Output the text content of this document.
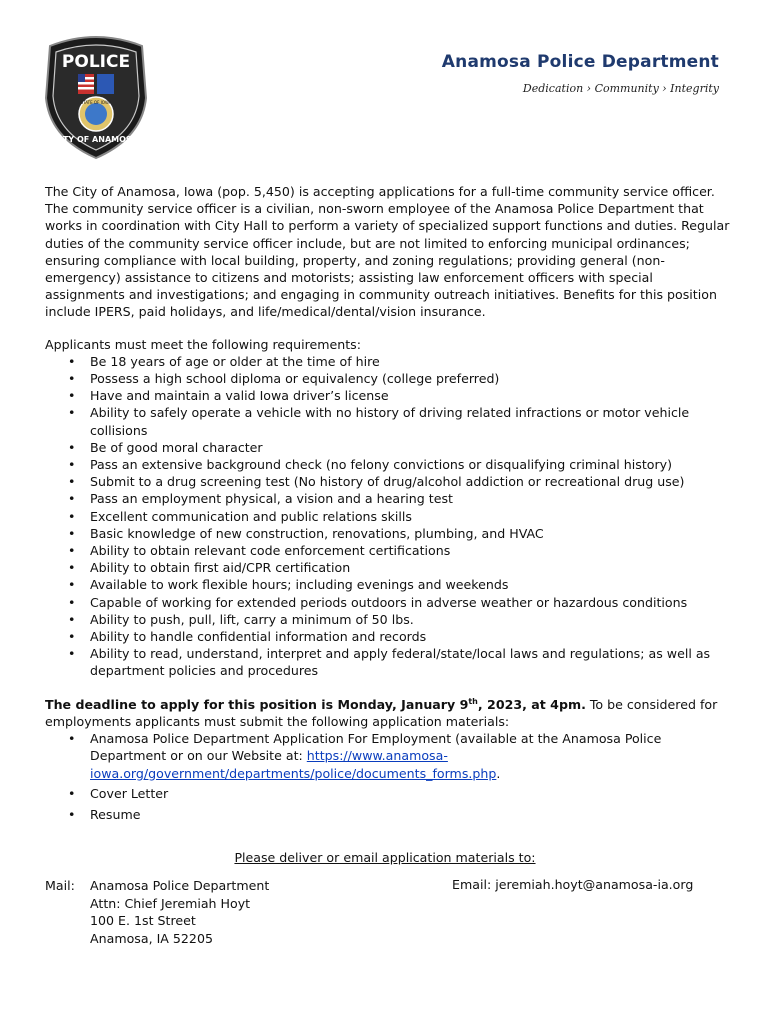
POLICE
STATE OF IOWA
CITY OF ANAMOSA
Anamosa Police Department
Dedication › Community › Integrity

The City of Anamosa, Iowa (pop. 5,450) is accepting applications for a full-time community service officer. The community service officer is a civilian, non-sworn employee of the Anamosa Police Department that works in coordination with City Hall to perform a variety of specialized support functions and duties. Regular duties of the community service officer include, but are not limited to enforcing municipal ordinances; ensuring compliance with local building, property, and zoning regulations; providing general (non-emergency) assistance to citizens and motorists; assisting law enforcement officers with special assignments and investigations; and engaging in community outreach initiatives. Benefits for this position include IPERS, paid holidays, and life/medical/dental/vision insurance.

Applicants must meet the following requirements:

• Be 18 years of age or older at the time of hire
• Possess a high school diploma or equivalency (college preferred)
• Have and maintain a valid Iowa driver’s license
• Ability to safely operate a vehicle with no history of driving related infractions or motor vehicle collisions
• Be of good moral character
• Pass an extensive background check (no felony convictions or disqualifying criminal history)
• Submit to a drug screening test (No history of drug/alcohol addiction or recreational drug use)
• Pass an employment physical, a vision and a hearing test
• Excellent communication and public relations skills
• Basic knowledge of new construction, renovations, plumbing, and HVAC
• Ability to obtain relevant code enforcement certifications
• Ability to obtain first aid/CPR certification
• Available to work flexible hours; including evenings and weekends
• Capable of working for extended periods outdoors in adverse weather or hazardous conditions
• Ability to push, pull, lift, carry a minimum of 50 lbs.
• Ability to handle confidential information and records
• Ability to read, understand, interpret and apply federal/state/local laws and regulations; as well as department policies and procedures

The deadline to apply for this position is Monday, January 9th, 2023, at 4pm. To be considered for employments applicants must submit the following application materials:

• Anamosa Police Department Application For Employment (available at the Anamosa Police Department or on our Website at: https://www.anamosa-iowa.org/government/departments/police/documents_forms.php.
• Cover Letter
• Resume
Please deliver or email application materials to:
Mail: Anamosa Police Department
Attn: Chief Jeremiah Hoyt
100 E. 1st Street
Anamosa, IA 52205
Email: jeremiah.hoyt@anamosa-ia.org
